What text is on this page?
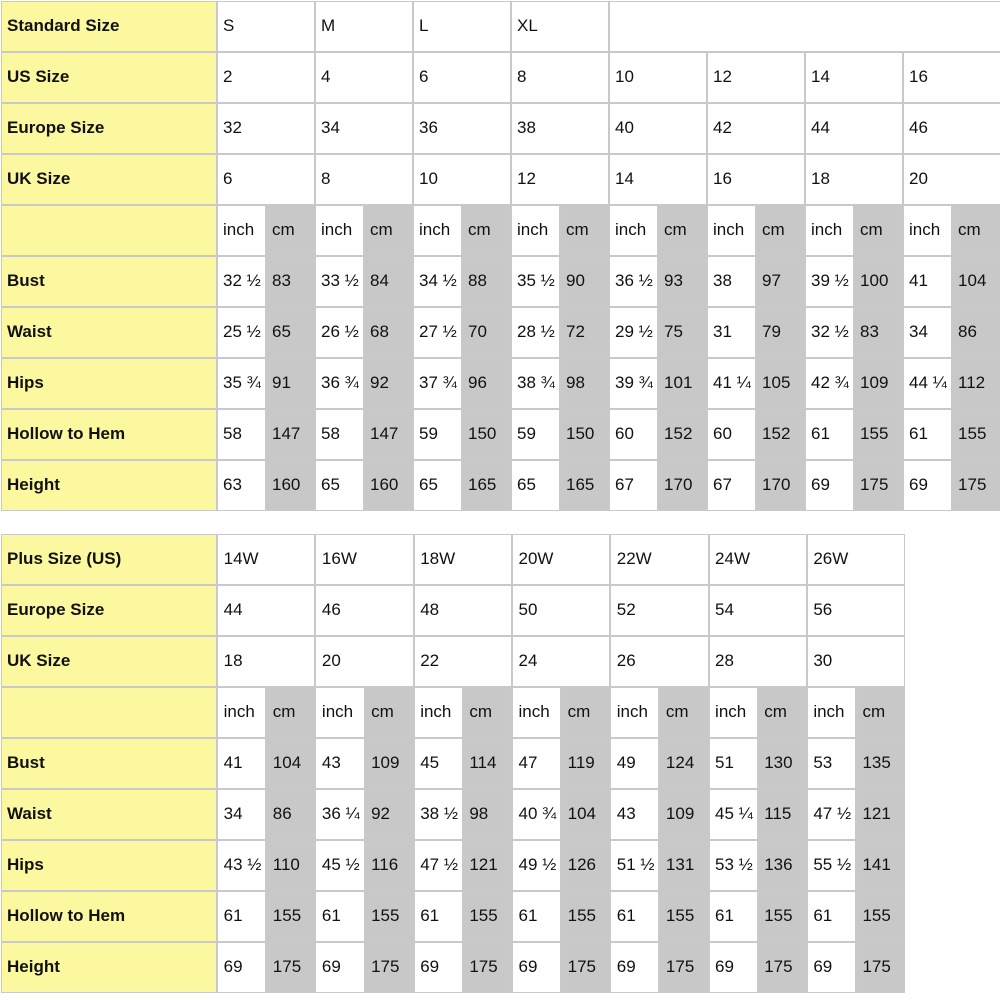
Standard Size	S		M		L		XL									
US Size	2		4		6		8		10		12		14		16	
Europe Size	32		34		36		38		40		42		44		46	
UK Size	6		8		10		12		14		16		18		20	
	inch	cm	inch	cm	inch	cm	inch	cm	inch	cm	inch	cm	inch	cm	inch	cm
Bust	32 ½	83	33 ½	84	34 ½	88	35 ½	90	36 ½	93	38	97	39 ½	100	41	104
Waist	25 ½	65	26 ½	68	27 ½	70	28 ½	72	29 ½	75	31	79	32 ½	83	34	86
Hips	35 ¾	91	36 ¾	92	37 ¾	96	38 ¾	98	39 ¾	101	41 ¼	105	42 ¾	109	44 ¼	112
Hollow to Hem	58	147	58	147	59	150	59	150	60	152	60	152	61	155	61	155
Height	63	160	65	160	65	165	65	165	67	170	67	170	69	175	69	175
Plus Size (US)	14W		16W		18W		20W		22W		24W		26W		
Europe Size	44		46		48		50		52		54		56		
UK Size	18		20		22		24		26		28		30		
	inch	cm	inch	cm	inch	cm	inch	cm	inch	cm	inch	cm	inch	cm	
Bust	41	104	43	109	45	114	47	119	49	124	51	130	53	135	
Waist	34	86	36 ¼	92	38 ½	98	40 ¾	104	43	109	45 ¼	115	47 ½	121	
Hips	43 ½	110	45 ½	116	47 ½	121	49 ½	126	51 ½	131	53 ½	136	55 ½	141	
Hollow to Hem	61	155	61	155	61	155	61	155	61	155	61	155	61	155	
Height	69	175	69	175	69	175	69	175	69	175	69	175	69	175	
